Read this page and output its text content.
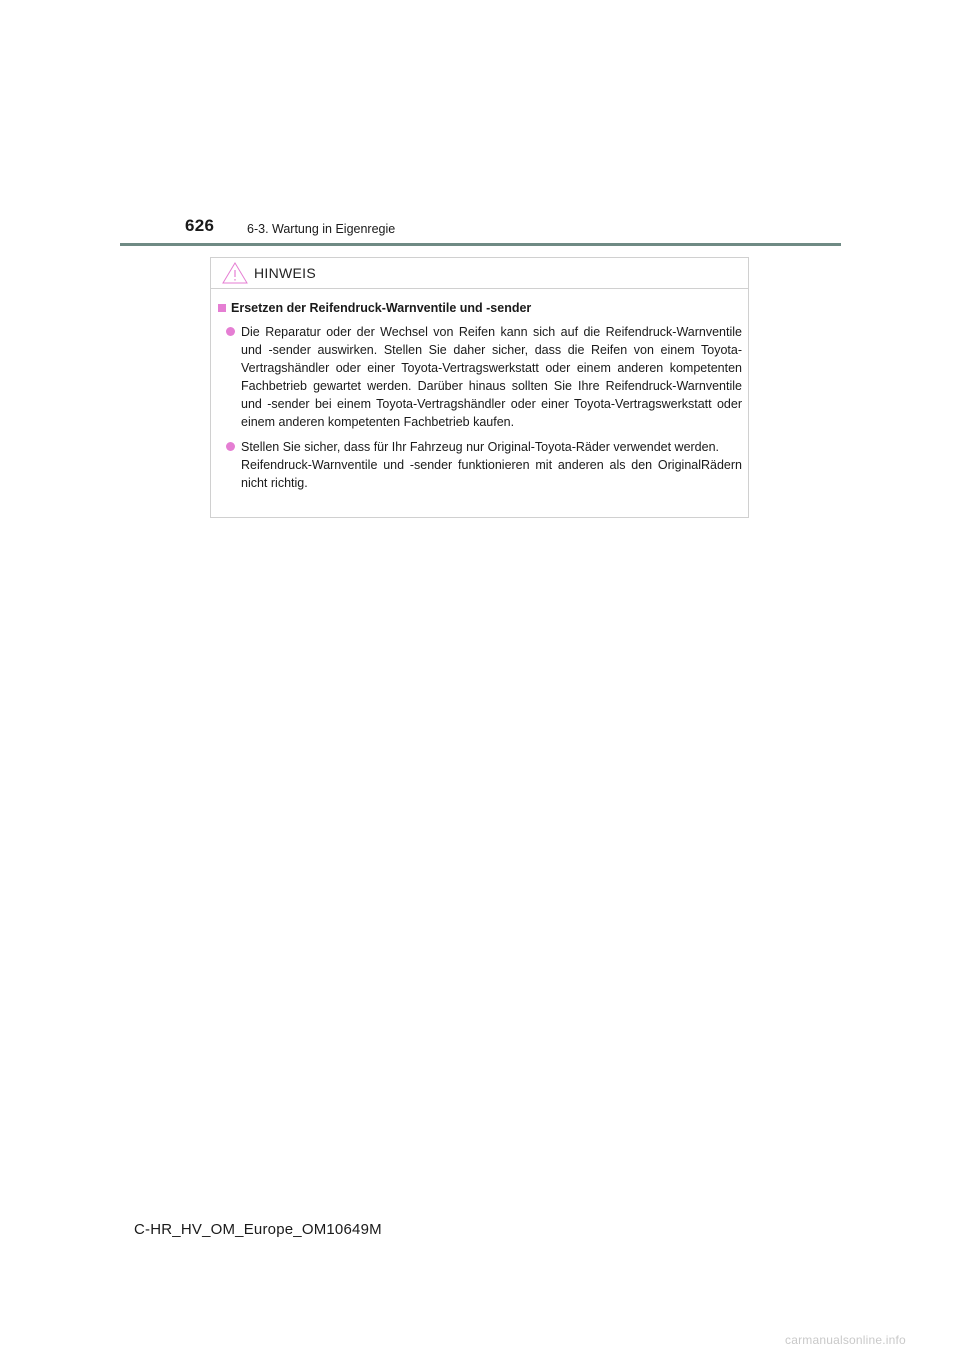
626	6-3. Wartung in Eigenregie
HINWEIS
Ersetzen der Reifendruck-Warnventile und -sender

Die Reparatur oder der Wechsel von Reifen kann sich auf die Reifendruck-Warnventile und -sender auswirken. Stellen Sie daher sicher, dass die Reifen von einem Toyota-Vertragshändler oder einer Toyota-Vertragswerkstatt oder einem anderen kompetenten Fachbetrieb gewartet werden. Darüber hinaus sollten Sie Ihre Reifendruck-Warnventile und -sender bei einem Toyota-Vertragshändler oder einer Toyota-Vertragswerkstatt oder einem anderen kompetenten Fachbetrieb kaufen.

Stellen Sie sicher, dass für Ihr Fahrzeug nur Original-Toyota-Räder verwendet werden.

Reifendruck-Warnventile und -sender funktionieren mit anderen als den OriginalRädern nicht richtig.

C-HR_HV_OM_Europe_OM10649M
carmanualsonline.info
